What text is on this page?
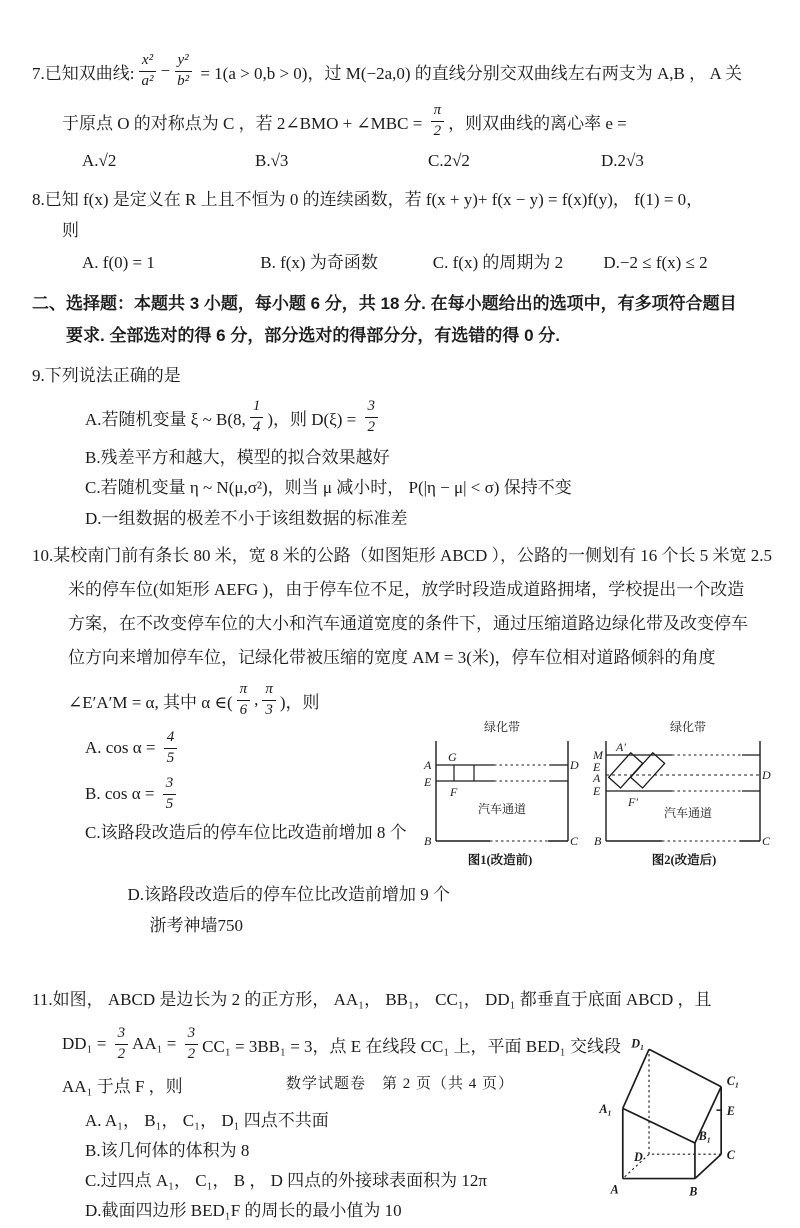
7.已知双曲线: $\frac{\text{x²}}{\text{a²}} - \frac{\text{y²}}{\text{b²}} = 1(a > 0,b > 0)$，过 M(−2a,0) 的直线分别交双曲线左右两支为 A,B ， A 关
于原点 O 的对称点为 C ，若 2∠BMO + ∠MBC = $\frac{\pi}{2}$ ，则双曲线的离心率 e =
A.√2	B.√3	C.2√2	D.2√3
8.已知 f(x) 是定义在 R 上且不恒为 0 的连续函数，若 f(x + y)+ f(x − y) = f(x)f(y)， f(1) = 0，
则
A. f(0) = 1	B. f(x) 为奇函数	C. f(x) 的周期为 2	D.−2 ≤ f(x) ≤ 2
二、选择题：本题共 3 小题，每小题 6 分，共 18 分. 在每小题给出的选项中，有多项符合题目
要求. 全部选对的得 6 分，部分选对的得部分分，有选错的得 0 分.
9.下列说法正确的是
A.若随机变量 ξ ~ B(8, $\frac{1}{4}$ )，则 $D(\xi) = \frac{3}{2}$
B.残差平方和越大，模型的拟合效果越好
C.若随机变量 η ~ N(μ,σ²)，则当 μ 减小时， P(|η − μ| < σ) 保持不变
D.一组数据的极差不小于该组数据的标准差
10.某校南门前有条长 80 米，宽 8 米的公路（如图矩形 ABCD ），公路的一侧划有 16 个长 5 米宽 2.5
米的停车位(如矩形 AEFG )，由于停车位不足，放学时段造成道路拥堵，学校提出一个改造
方案，在不改变停车位的大小和汽车通道宽度的条件下，通过压缩道路边绿化带及改变停车
位方向来增加停车位，记绿化带被压缩的宽度 AM = 3(米)，停车位相对道路倾斜的角度
∠E′A′M = α, 其中 α ∈( $\frac{\pi}{6}$ , $\frac{\pi}{3}$ )，则
A. $\cos \alpha = \frac{4}{5}$
B. $\cos \alpha = \frac{3}{5}$
C.该路段改造后的停车位比改造前增加 8 个

D.该路段改造后的停车位比改造前增加 9 个
浙考神墙750

绿化带
A	D
E
G
F
B	C
汽车通道
图1(改造前)
绿化带
M
A′
E
A
E
F′
D
B	C
汽车通道
图2(改造后)
11.如图， ABCD 是边长为 2 的正方形， AA₁， BB₁， CC₁， DD₁ 都垂直于底面 ABCD ，且
$DD_1 = \frac{3}{2} AA_1 = \frac{3}{2} CC_1 = 3BB_1 = 3$，点 E 在线段 CC₁ 上，平面 BED₁ 交线段
AA₁ 于点 F ，则
A. A₁， B₁， C₁， D₁ 四点不共面
B.该几何体的体积为 8
C.过四点 A₁， C₁， B ， D 四点的外接球表面积为 12π
D.截面四边形 BED₁F 的周长的最小值为 10
D₁
C₁
E
A₁
B₁
D	C
A	B
数学试题卷　第 2 页（共 4 页）
